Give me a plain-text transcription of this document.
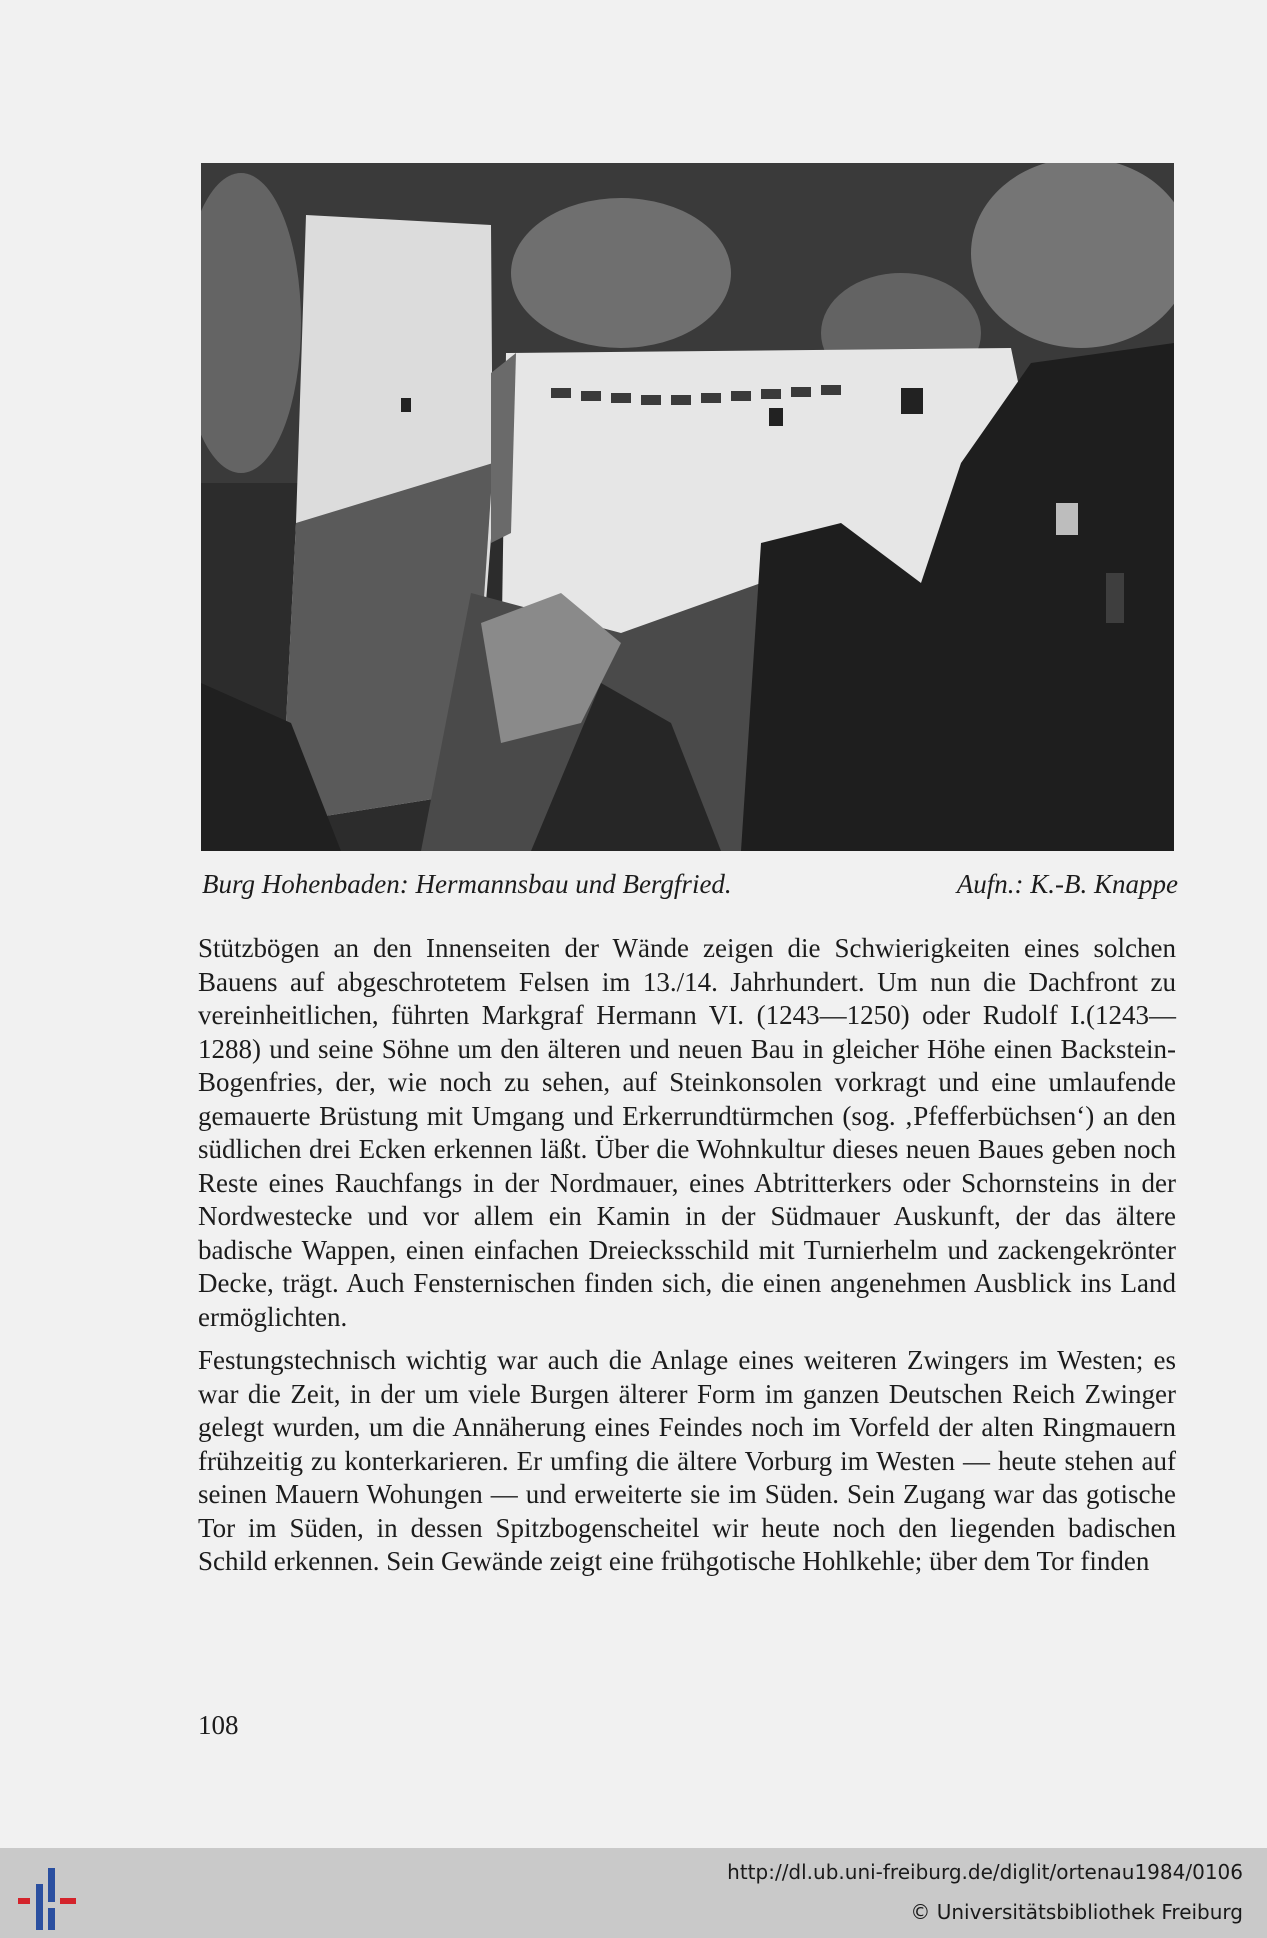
Burg Hohenbaden: Hermannsbau und Bergfried.	Aufn.: K.-B. Knappe

Stützbögen an den Innenseiten der Wände zeigen die Schwierigkeiten eines solchen Bauens auf abgeschrotetem Felsen im 13./14. Jahrhundert. Um nun die Dachfront zu vereinheitlichen, führten Markgraf Hermann VI. (1243—1250) oder Rudolf I.(1243—1288) und seine Söhne um den älteren und neuen Bau in gleicher Höhe einen Backstein- Bogenfries, der, wie noch zu sehen, auf Steinkonsolen vorkragt und eine umlaufende gemauerte Brüstung mit Umgang und Erkerrundtürmchen (sog. ‚Pfefferbüchsen‘) an den südlichen drei Ecken erkennen läßt. Über die Wohnkultur dieses neuen Baues geben noch Reste eines Rauchfangs in der Nordmauer, eines Abtritterkers oder Schornsteins in der Nordwestecke und vor allem ein Kamin in der Südmauer Auskunft, der das ältere badische Wappen, einen einfachen Dreiecksschild mit Turnierhelm und zackengekrönter Decke, trägt. Auch Fensternischen finden sich, die einen angenehmen Ausblick ins Land ermöglichten.

Festungstechnisch wichtig war auch die Anlage eines weiteren Zwingers im Westen; es war die Zeit, in der um viele Burgen älterer Form im ganzen Deutschen Reich Zwinger gelegt wurden, um die Annäherung eines Feindes noch im Vorfeld der alten Ringmauern frühzeitig zu konterkarieren. Er umfing die ältere Vorburg im Westen — heute stehen auf seinen Mauern Wohungen — und erweiterte sie im Süden. Sein Zugang war das gotische Tor im Süden, in dessen Spitzbogenscheitel wir heute noch den liegenden badischen Schild erkennen. Sein Gewände zeigt eine frühgotische Hohlkehle; über dem Tor finden

108
http://dl.ub.uni-freiburg.de/diglit/ortenau1984/0106
© Universitätsbibliothek Freiburg
